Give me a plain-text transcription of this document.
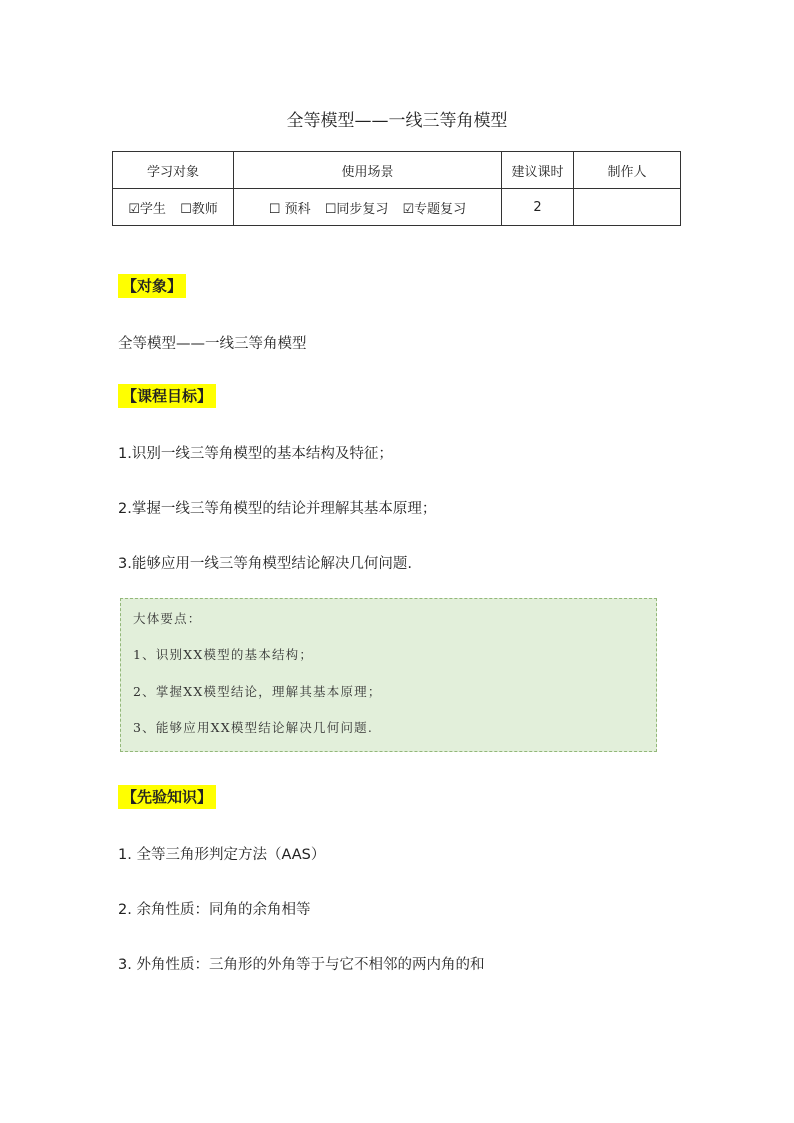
全等模型——一线三等角模型
学习对象	使用场景	建议课时	制作人
☑学生 ☐教师	☐ 预科 ☐同步复习 ☑专题复习	2	
【对象】
全等模型——一线三等角模型
【课程目标】
1.识别一线三等角模型的基本结构及特征；
2.掌握一线三等角模型的结论并理解其基本原理；
3.能够应用一线三等角模型结论解决几何问题.
大体要点：
1、识别XX模型的基本结构；
2、掌握XX模型结论，理解其基本原理；
3、能够应用XX模型结论解决几何问题.
【先验知识】
1. 全等三角形判定方法（AAS）
2. 余角性质：同角的余角相等
3. 外角性质：三角形的外角等于与它不相邻的两内角的和
